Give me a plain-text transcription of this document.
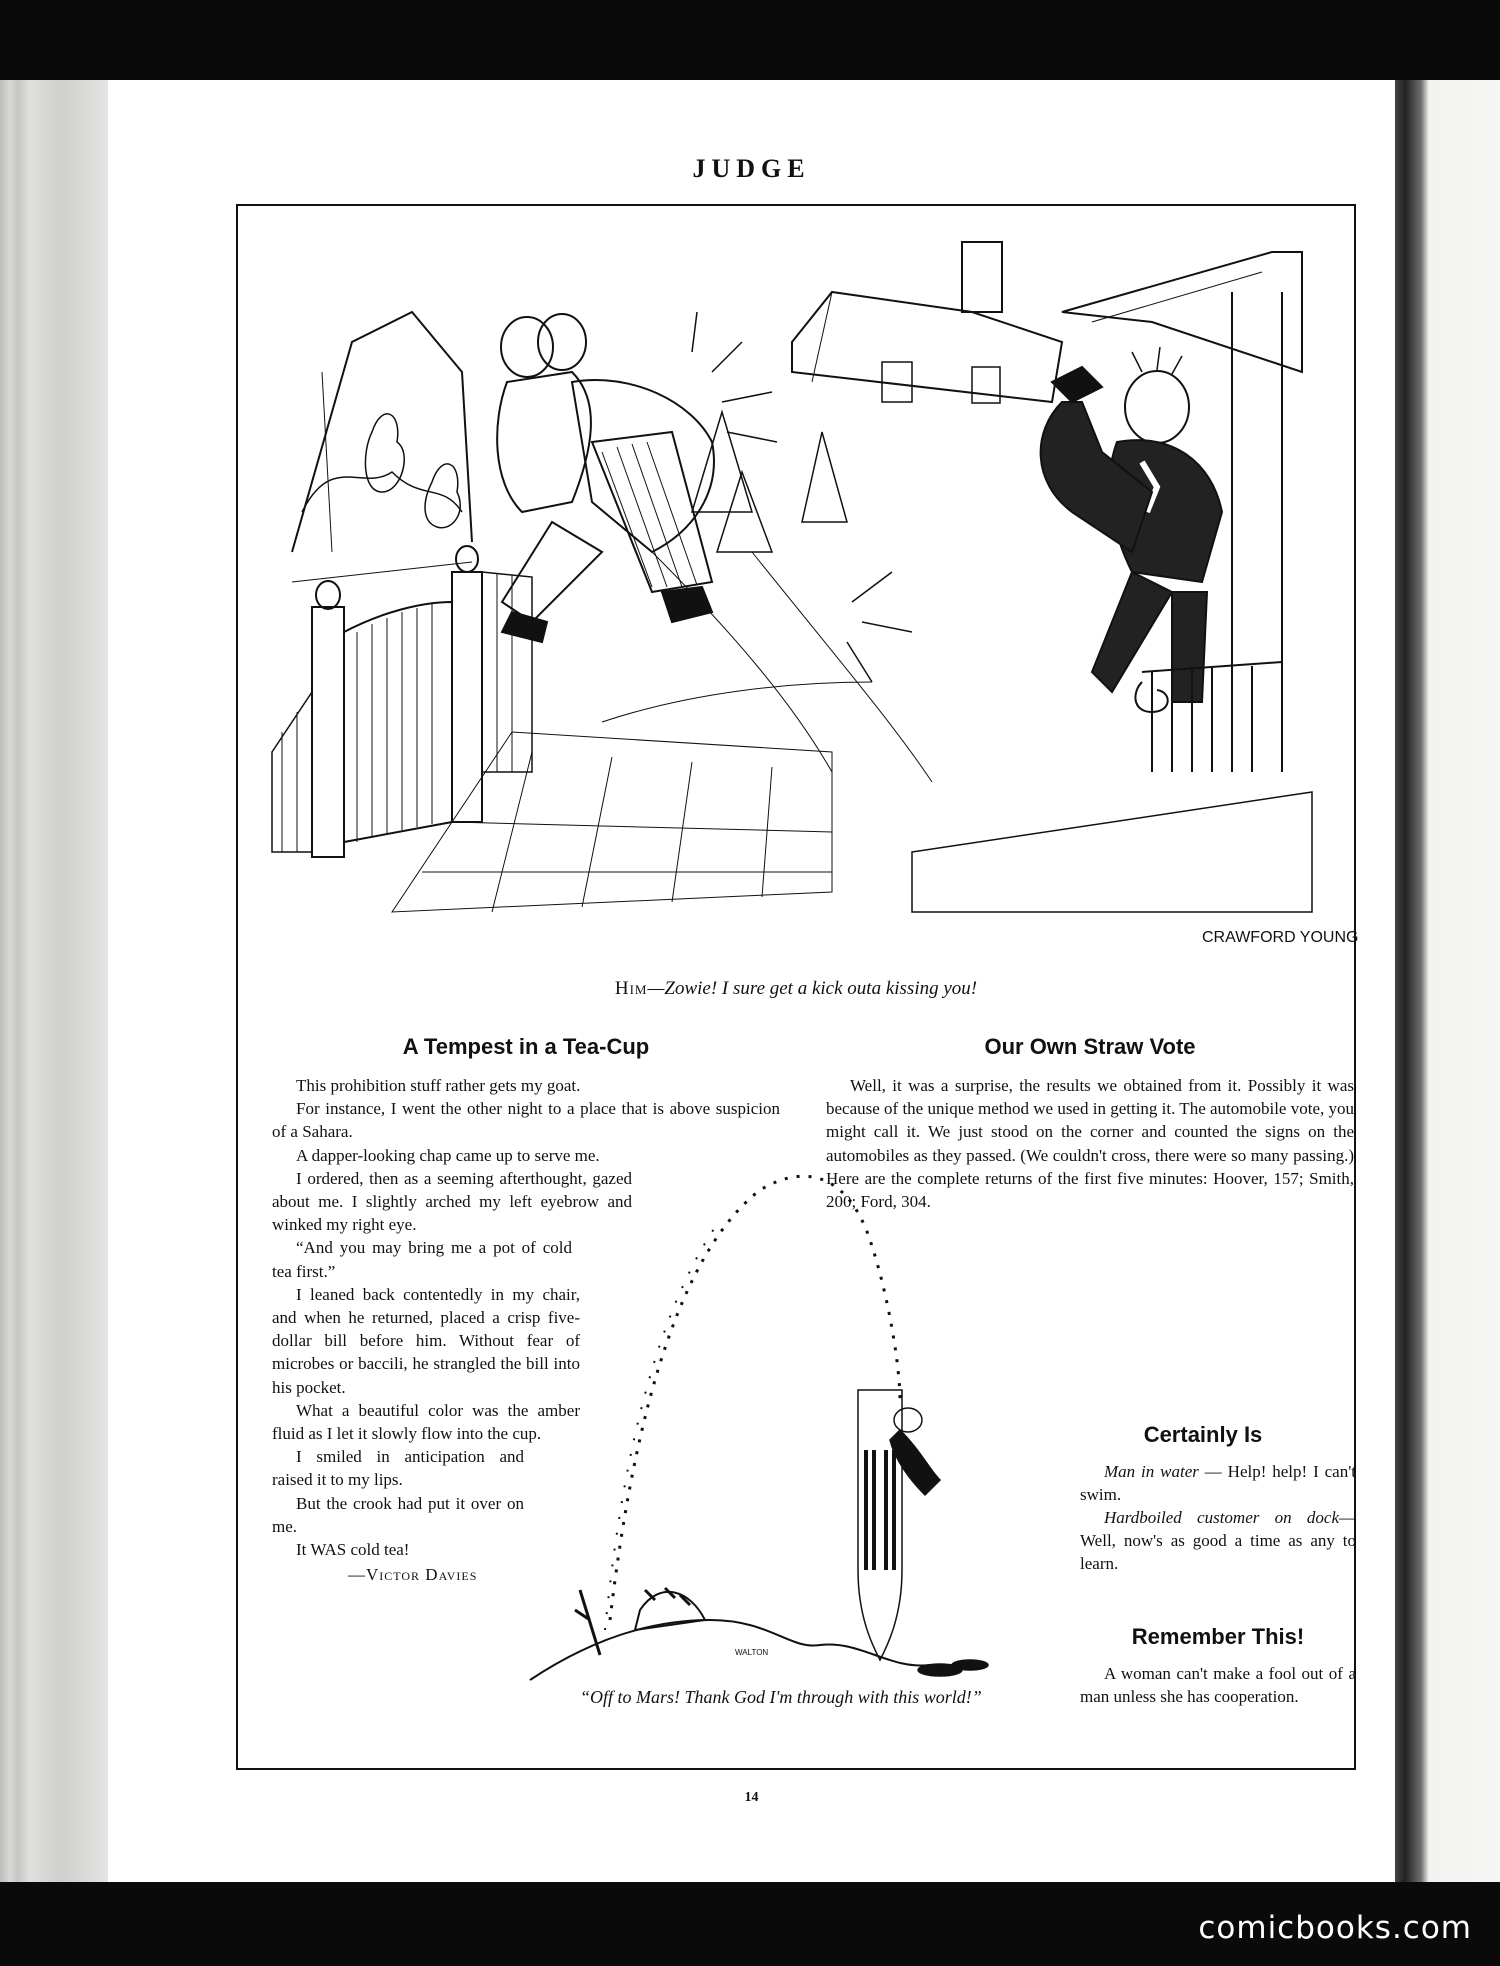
JUDGE
CRAWFORD YOUNG
Him—Zowie! I sure get a kick outa kissing you!
A Tempest in a Tea-Cup

This prohibition stuff rather gets my goat.

For instance, I went the other night to a place that is above suspicion of a Sahara.

A dapper-looking chap came up to serve me.

I ordered, then as a seeming afterthought, gazed about me. I slightly arched my left eyebrow and winked my right eye.

“And you may bring me a pot of cold tea first.”

I leaned back contentedly in my chair, and when he returned, placed a crisp five-dollar bill before him. Without fear of microbes or baccili, he strangled the bill into his pocket.

What a beautiful color was the amber fluid as I let it slowly flow into the cup.

I smiled in anticipation and raised it to my lips.

But the crook had put it over on me.

It WAS cold tea!

—Victor Davies

Our Own Straw Vote

Well, it was a surprise, the results we obtained from it. Possibly it was because of the unique method we used in getting it. The automobile vote, you might call it. We just stood on the corner and counted the signs on the automobiles as they passed. (We couldn't cross, there were so many passing.) Here are the complete returns of the first five minutes: Hoover, 157; Smith, 200; Ford, 304.

WALTON
“Off to Mars! Thank God I'm through with this world!”
Certainly Is

Man in water — Help! help! I can't swim.

Hardboiled customer on dock—Well, now's as good a time as any to learn.

Remember This!

A woman can't make a fool out of a man unless she has cooperation.

14
comicbooks.com
